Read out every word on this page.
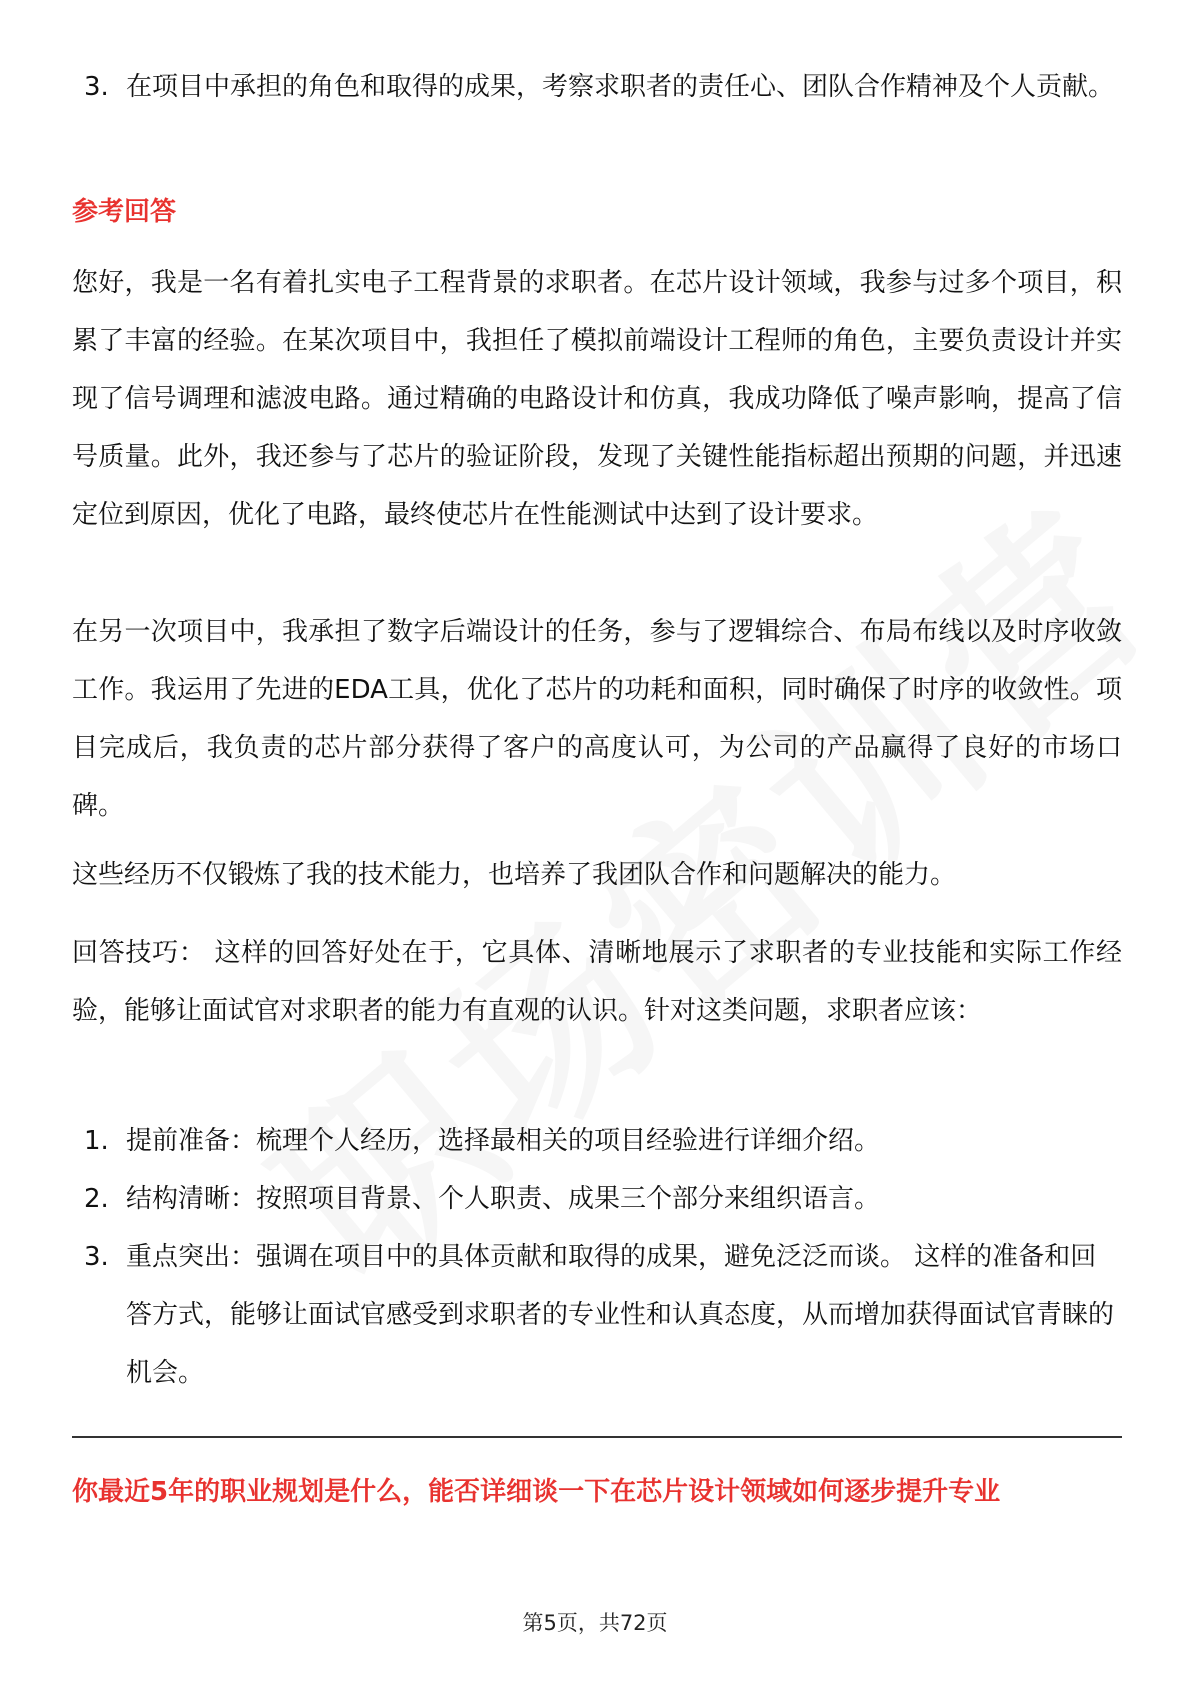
3. 在项目中承担的角色和取得的成果，考察求职者的责任心、团队合作精神及个人贡献。
参考回答
您好，我是一名有着扎实电子工程背景的求职者。在芯片设计领域，我参与过多个项目，积累了丰富的经验。在某次项目中，我担任了模拟前端设计工程师的角色，主要负责设计并实现了信号调理和滤波电路。通过精确的电路设计和仿真，我成功降低了噪声影响，提高了信号质量。此外，我还参与了芯片的验证阶段，发现了关键性能指标超出预期的问题，并迅速定位到原因，优化了电路，最终使芯片在性能测试中达到了设计要求。
在另一次项目中，我承担了数字后端设计的任务，参与了逻辑综合、布局布线以及时序收敛工作。我运用了先进的EDA工具，优化了芯片的功耗和面积，同时确保了时序的收敛性。项目完成后，我负责的芯片部分获得了客户的高度认可，为公司的产品赢得了良好的市场口碑。
这些经历不仅锻炼了我的技术能力，也培养了我团队合作和问题解决的能力。
回答技巧： 这样的回答好处在于，它具体、清晰地展示了求职者的专业技能和实际工作经验，能够让面试官对求职者的能力有直观的认识。针对这类问题，求职者应该：
1. 提前准备：梳理个人经历，选择最相关的项目经验进行详细介绍。
2. 结构清晰：按照项目背景、个人职责、成果三个部分来组织语言。
3. 重点突出：强调在项目中的具体贡献和取得的成果，避免泛泛而谈。 这样的准备和回答方式，能够让面试官感受到求职者的专业性和认真态度，从而增加获得面试官青睐的机会。
你最近5年的职业规划是什么，能否详细谈一下在芯片设计领域如何逐步提升专业
第5页，共72页
